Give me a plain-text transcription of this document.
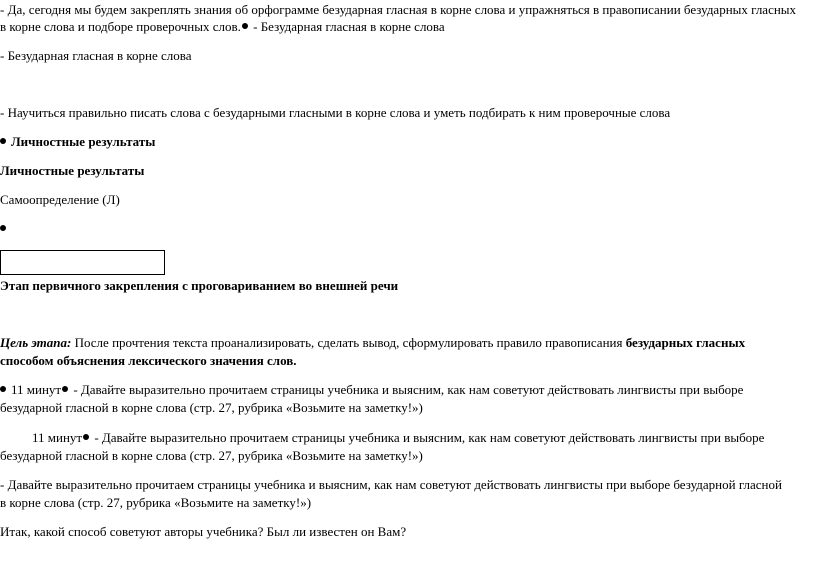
- Да, сегодня мы будем закреплять знания об орфограмме безударная гласная в корне слова и упражняться в правописании безударных гласных
в корне слова и подборе проверочных слов. - Безударная гласная в корне слова
- Безударная гласная в корне слова
- Научиться правильно писать слова с безударными гласными в корне слова и уметь подбирать к ним проверочные слова
Личностные результаты
Личностные результаты
Самоопределение (Л)
Этап первичного закрепления с проговариванием во внешней речи
Цель этапа: После прочтения текста проанализировать, сделать вывод, сформулировать правило правописания безударных гласных
способом объяснения лексического значения слов.
11 минут - Давайте выразительно прочитаем страницы учебника и выясним, как нам советуют действовать лингвисты при выборе
безударной гласной в корне слова (стр. 27, рубрика «Возьмите на заметку!»)
11 минут - Давайте выразительно прочитаем страницы учебника и выясним, как нам советуют действовать лингвисты при выборе
безударной гласной в корне слова (стр. 27, рубрика «Возьмите на заметку!»)
- Давайте выразительно прочитаем страницы учебника и выясним, как нам советуют действовать лингвисты при выборе безударной гласной
в корне слова (стр. 27, рубрика «Возьмите на заметку!»)
Итак, какой способ советуют авторы учебника? Был ли известен он Вам?
